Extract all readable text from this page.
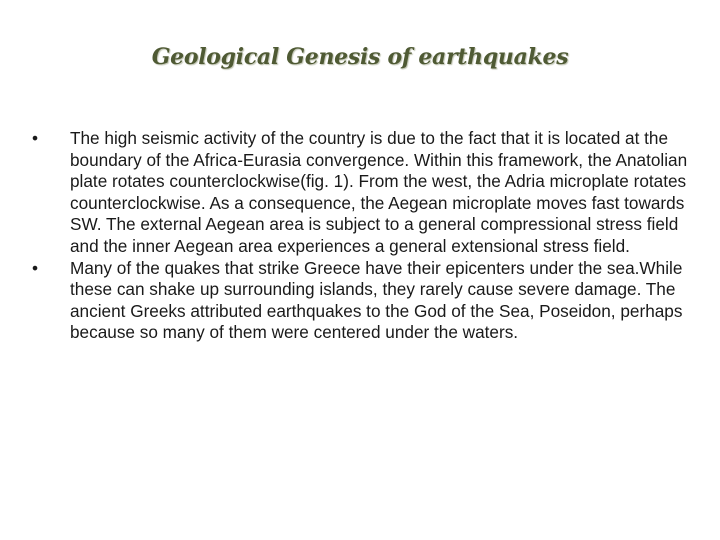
Geological Genesis of earthquakes
•	The high seismic activity of the country is due to the fact that it is located at the boundary of the Africa-Eurasia convergence. Within this framework, the Anatolian plate rotates counterclockwise(fig. 1). From the west, the Adria microplate rotates counterclockwise. As a consequence, the Aegean microplate moves fast towards SW. The external Aegean area is subject to a general compressional stress field and the inner Aegean area experiences a general extensional stress field.
•	Many of the quakes that strike Greece have their epicenters under the sea.While these can shake up surrounding islands, they rarely cause severe damage. The ancient Greeks attributed earthquakes to the God of the Sea, Poseidon, perhaps because so many of them were centered under the waters.
